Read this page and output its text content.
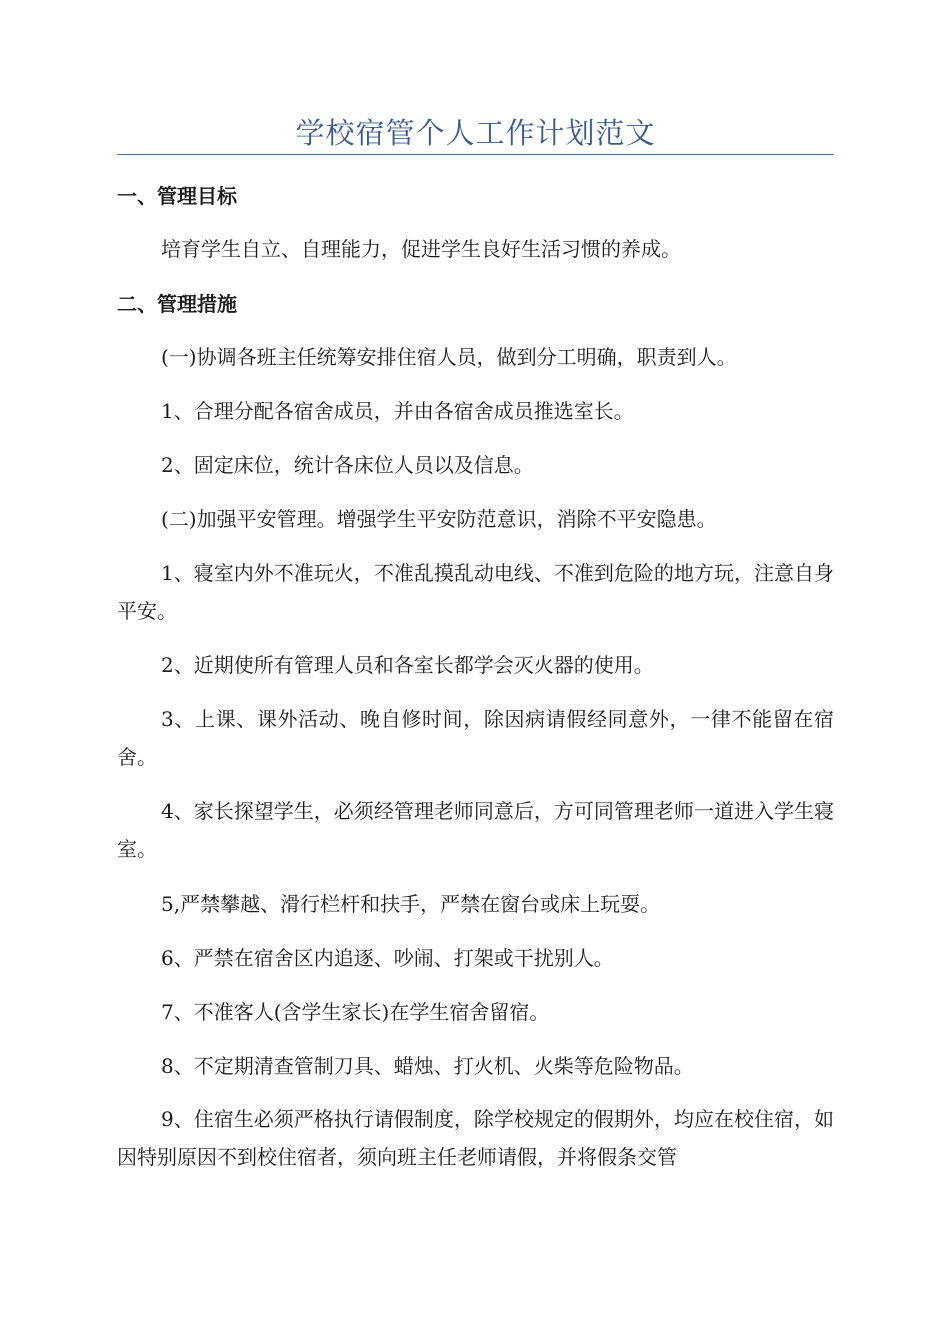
学校宿管个人工作计划范文
一、管理目标
培育学生自立、自理能力，促进学生良好生活习惯的养成。
二、管理措施
(一)协调各班主任统筹安排住宿人员，做到分工明确，职责到人。
1、合理分配各宿舍成员，并由各宿舍成员推选室长。
2、固定床位，统计各床位人员以及信息。
(二)加强平安管理。增强学生平安防范意识，消除不平安隐患。
1、寝室内外不准玩火，不准乱摸乱动电线、不准到危险的地方玩，注意自身平安。
2、近期使所有管理人员和各室长都学会灭火器的使用。
3、上课、课外活动、晚自修时间，除因病请假经同意外，一律不能留在宿舍。
4、家长探望学生，必须经管理老师同意后，方可同管理老师一道进入学生寝室。
5,严禁攀越、滑行栏杆和扶手，严禁在窗台或床上玩耍。
6、严禁在宿舍区内追逐、吵闹、打架或干扰别人。
7、不准客人(含学生家长)在学生宿舍留宿。
8、不定期清查管制刀具、蜡烛、打火机、火柴等危险物品。
9、住宿生必须严格执行请假制度，除学校规定的假期外，均应在校住宿，如因特别原因不到校住宿者，须向班主任老师请假，并将假条交管
